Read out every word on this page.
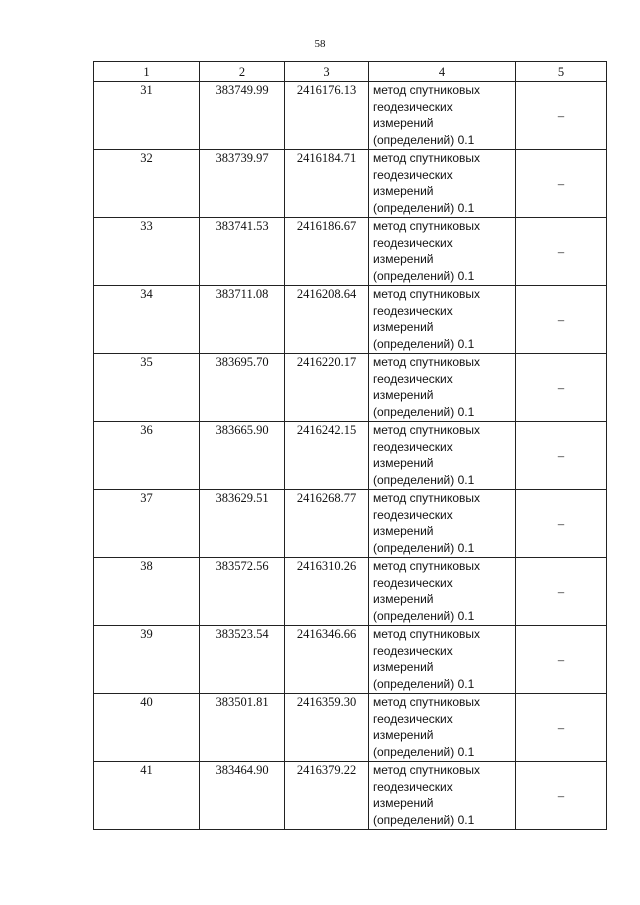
58
1	2	3	4	5
31	383749.99	2416176.13	метод спутниковых
геодезических
измерений
(определений) 0.1	–
32	383739.97	2416184.71	метод спутниковых
геодезических
измерений
(определений) 0.1	–
33	383741.53	2416186.67	метод спутниковых
геодезических
измерений
(определений) 0.1	–
34	383711.08	2416208.64	метод спутниковых
геодезических
измерений
(определений) 0.1	–
35	383695.70	2416220.17	метод спутниковых
геодезических
измерений
(определений) 0.1	–
36	383665.90	2416242.15	метод спутниковых
геодезических
измерений
(определений) 0.1	–
37	383629.51	2416268.77	метод спутниковых
геодезических
измерений
(определений) 0.1	–
38	383572.56	2416310.26	метод спутниковых
геодезических
измерений
(определений) 0.1	–
39	383523.54	2416346.66	метод спутниковых
геодезических
измерений
(определений) 0.1	–
40	383501.81	2416359.30	метод спутниковых
геодезических
измерений
(определений) 0.1	–
41	383464.90	2416379.22	метод спутниковых
геодезических
измерений
(определений) 0.1	–
